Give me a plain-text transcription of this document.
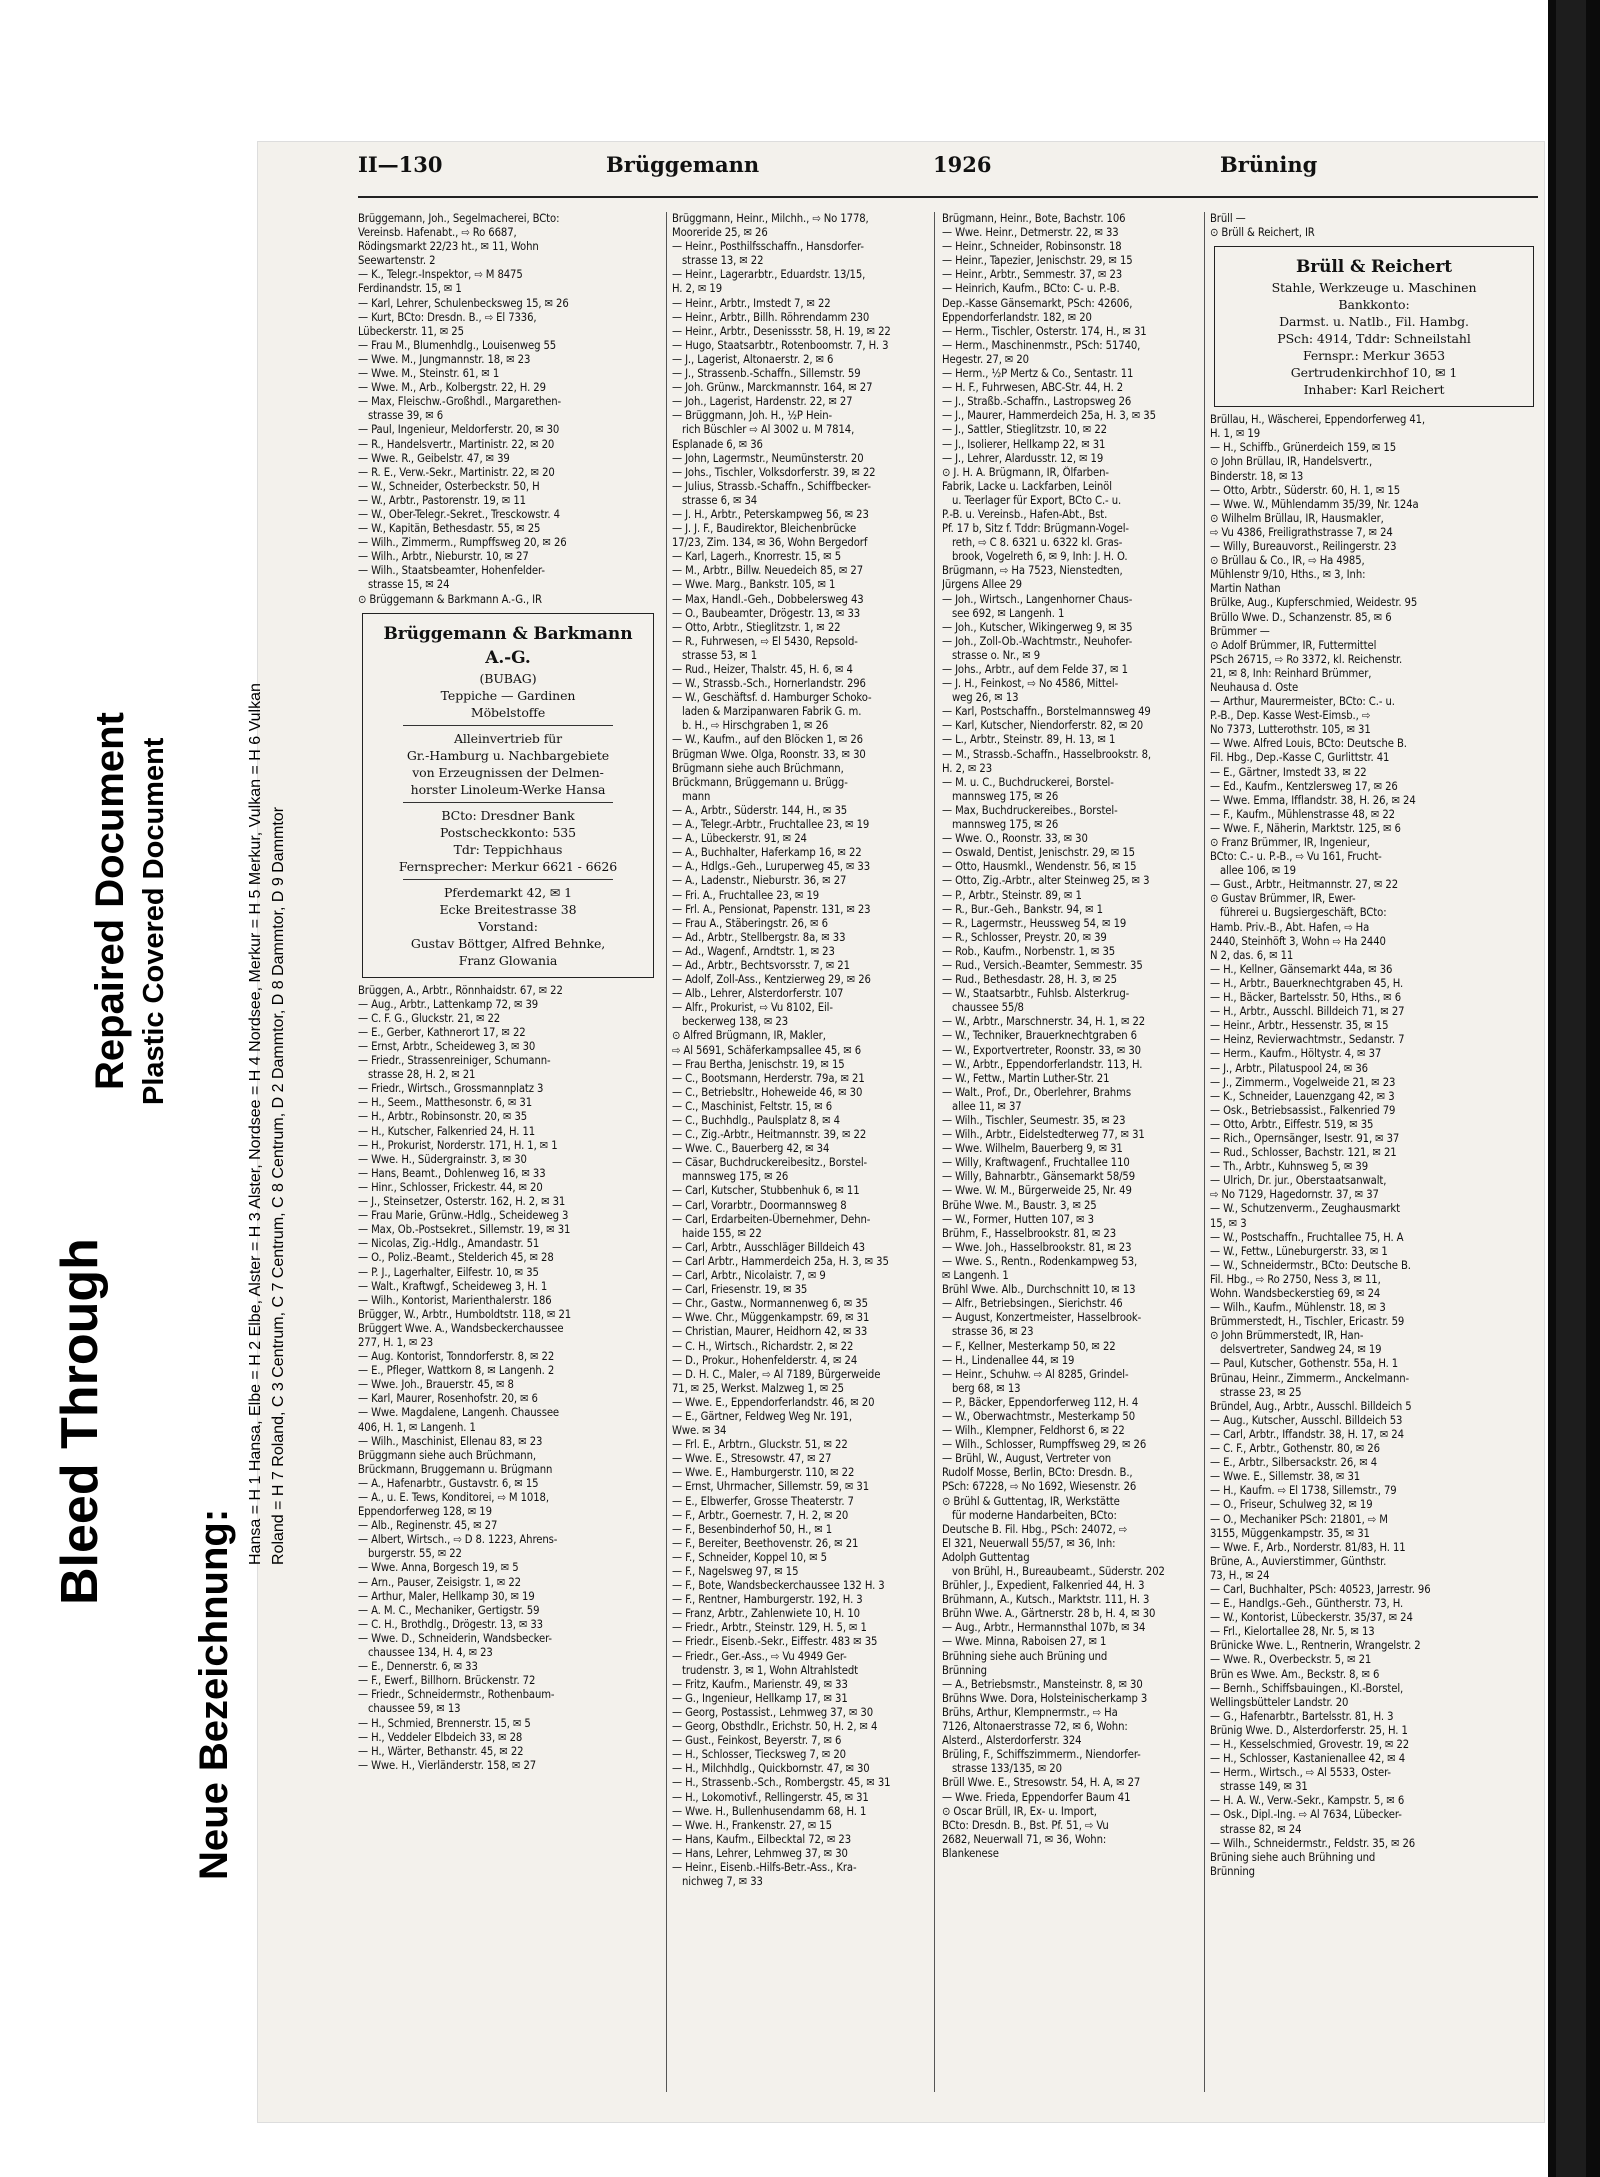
Bleed Through
Repaired Document Plastic Covered Document
Neue Bezeichnung:
Hansa = H 1 Hansa, Elbe = H 2 Elbe, Alster = H 3 Alster, Nordsee = H 4 Nordsee, Merkur = H 5 Merkur, Vulkan = H 6 Vulkan Roland = H 7 Roland, C 3 Centrum, C 7 Centrum, C 8 Centrum, D 2 Dammtor, D 8 Dammtor, D 9 Dammtor
II—130	Brüggemann	1926	Brüning

Brüggemann, Joh., Segelmacherei, BCto:

Vereinsb. Hafenabt., ⇨ Ro 6687,

Rödingsmarkt 22/23 ht., ✉ 11, Wohn

Seewartenstr. 2

— K., Telegr.-Inspektor, ⇨ M 8475

Ferdinandstr. 15, ✉ 1

— Karl, Lehrer, Schulenbecksweg 15, ✉ 26

— Kurt, BCto: Dresdn. B., ⇨ El 7336,

Lübeckerstr. 11, ✉ 25

— Frau M., Blumenhdlg., Louisenweg 55

— Wwe. M., Jungmannstr. 18, ✉ 23

— Wwe. M., Steinstr. 61, ✉ 1

— Wwe. M., Arb., Kolbergstr. 22, H. 29

— Max, Fleischw.-Großhdl., Margarethen-

strasse 39, ✉ 6

— Paul, Ingenieur, Meldorferstr. 20, ✉ 30

— R., Handelsvertr., Martinistr. 22, ✉ 20

— Wwe. R., Geibelstr. 47, ✉ 39

— R. E., Verw.-Sekr., Martinistr. 22, ✉ 20

— W., Schneider, Osterbeckstr. 50, H

— W., Arbtr., Pastorenstr. 19, ✉ 11

— W., Ober-Telegr.-Sekret., Tresckowstr. 4

— W., Kapitän, Bethesdastr. 55, ✉ 25

— Wilh., Zimmerm., Rumpffsweg 20, ✉ 26

— Wilh., Arbtr., Nieburstr. 10, ✉ 27

— Wilh., Staatsbeamter, Hohenfelder-

strasse 15, ✉ 24

⊙ Brüggemann & Barkmann A.-G., IR

Brüggemann & Barkmann
A.-G.
(BUBAG)
Teppiche — Gardinen
Möbelstoffe
Alleinvertrieb für
Gr.-Hamburg u. Nachbargebiete
von Erzeugnissen der Delmen-
horster Linoleum-Werke Hansa
BCto: Dresdner Bank
Postscheckkonto: 535
Tdr: Teppichhaus
Fernsprecher: Merkur 6621 - 6626
Pferdemarkt 42, ✉ 1
Ecke Breitestrasse 38
Vorstand:
Gustav Böttger, Alfred Behnke,
Franz Glowania

Brüggen, A., Arbtr., Rönnhaidstr. 67, ✉ 22

— Aug., Arbtr., Lattenkamp 72, ✉ 39

— C. F. G., Gluckstr. 21, ✉ 22

— E., Gerber, Kathnerort 17, ✉ 22

— Ernst, Arbtr., Scheideweg 3, ✉ 30

— Friedr., Strassenreiniger, Schumann-

strasse 28, H. 2, ✉ 21

— Friedr., Wirtsch., Grossmannplatz 3

— H., Seem., Matthesonstr. 6, ✉ 31

— H., Arbtr., Robinsonstr. 20, ✉ 35

— H., Kutscher, Falkenried 24, H. 11

— H., Prokurist, Norderstr. 171, H. 1, ✉ 1

— Wwe. H., Südergrainstr. 3, ✉ 30

— Hans, Beamt., Dohlenweg 16, ✉ 33

— Hinr., Schlosser, Frickestr. 44, ✉ 20

— J., Steinsetzer, Osterstr. 162, H. 2, ✉ 31

— Frau Marie, Grünw.-Hdlg., Scheideweg 3

— Max, Ob.-Postsekret., Sillemstr. 19, ✉ 31

— Nicolas, Zig.-Hdlg., Amandastr. 51

— O., Poliz.-Beamt., Stelderich 45, ✉ 28

— P. J., Lagerhalter, Eilfestr. 10, ✉ 35

— Walt., Kraftwgf., Scheideweg 3, H. 1

— Wilh., Kontorist, Marienthalerstr. 186

Brügger, W., Arbtr., Humboldtstr. 118, ✉ 21

Brüggert Wwe. A., Wandsbeckerchaussee

277, H. 1, ✉ 23

— Aug. Kontorist, Tonndorferstr. 8, ✉ 22

— E., Pfleger, Wattkorn 8, ✉ Langenh. 2

— Wwe. Joh., Brauerstr. 45, ✉ 8

— Karl, Maurer, Rosenhofstr. 20, ✉ 6

— Wwe. Magdalene, Langenh. Chaussee

406, H. 1, ✉ Langenh. 1

— Wilh., Maschinist, Ellenau 83, ✉ 23

Brüggmann siehe auch Brüchmann,

Brückmann, Bruggemann u. Brügmann

— A., Hafenarbtr., Gustavstr. 6, ✉ 15

— A., u. E. Tews, Konditorei, ⇨ M 1018,

Eppendorferweg 128, ✉ 19

— Alb., Reginenstr. 45, ✉ 27

— Albert, Wirtsch., ⇨ D 8. 1223, Ahrens-

burgerstr. 55, ✉ 22

— Wwe. Anna, Borgesch 19, ✉ 5

— Arn., Pauser, Zeisigstr. 1, ✉ 22

— Arthur, Maler, Hellkamp 30, ✉ 19

— A. M. C., Mechaniker, Gertigstr. 59

— C. H., Brothdlg., Drögestr. 13, ✉ 33

— Wwe. D., Schneiderin, Wandsbecker-

chaussee 134, H. 4, ✉ 23

— E., Dennerstr. 6, ✉ 33

— F., Ewerf., Billhorn. Brückenstr. 72

— Friedr., Schneidermstr., Rothenbaum-

chaussee 59, ✉ 13

— H., Schmied, Brennerstr. 15, ✉ 5

— H., Veddeler Elbdeich 33, ✉ 28

— H., Wärter, Bethanstr. 45, ✉ 22

— Wwe. H., Vierländerstr. 158, ✉ 27

Brüggmann, Heinr., Milchh., ⇨ No 1778,

Mooreride 25, ✉ 26

— Heinr., Posthilfsschaffn., Hansdorfer-

strasse 13, ✉ 22

— Heinr., Lagerarbtr., Eduardstr. 13/15,

H. 2, ✉ 19

— Heinr., Arbtr., Imstedt 7, ✉ 22

— Heinr., Arbtr., Billh. Röhrendamm 230

— Heinr., Arbtr., Desenissstr. 58, H. 19, ✉ 22

— Hugo, Staatsarbtr., Rotenboomstr. 7, H. 3

— J., Lagerist, Altonaerstr. 2, ✉ 6

— J., Strassenb.-Schaffn., Sillemstr. 59

— Joh. Grünw., Marckmannstr. 164, ✉ 27

— Joh., Lagerist, Hardenstr. 22, ✉ 27

— Brüggmann, Joh. H., ½P Hein-

rich Büschler ⇨ Al 3002 u. M 7814,

Esplanade 6, ✉ 36

— John, Lagermstr., Neumünsterstr. 20

— Johs., Tischler, Volksdorferstr. 39, ✉ 22

— Julius, Strassb.-Schaffn., Schiffbecker-

strasse 6, ✉ 34

— J. H., Arbtr., Peterskampweg 56, ✉ 23

— J. J. F., Baudirektor, Bleichenbrücke

17/23, Zim. 134, ✉ 36, Wohn Bergedorf

— Karl, Lagerh., Knorrestr. 15, ✉ 5

— M., Arbtr., Billw. Neuedeich 85, ✉ 27

— Wwe. Marg., Bankstr. 105, ✉ 1

— Max, Handl.-Geh., Dobbelersweg 43

— O., Baubeamter, Drögestr. 13, ✉ 33

— Otto, Arbtr., Stieglitzstr. 1, ✉ 22

— R., Fuhrwesen, ⇨ El 5430, Repsold-

strasse 53, ✉ 1

— Rud., Heizer, Thalstr. 45, H. 6, ✉ 4

— W., Strassb.-Sch., Hornerlandstr. 296

— W., Geschäftsf. d. Hamburger Schoko-

laden & Marzipanwaren Fabrik G. m.

b. H., ⇨ Hirschgraben 1, ✉ 26

— W., Kaufm., auf den Blöcken 1, ✉ 26

Brügman Wwe. Olga, Roonstr. 33, ✉ 30

Brügmann siehe auch Brüchmann,

Brückmann, Brüggemann u. Brügg-

mann

— A., Arbtr., Süderstr. 144, H., ✉ 35

— A., Telegr.-Arbtr., Fruchtallee 23, ✉ 19

— A., Lübeckerstr. 91, ✉ 24

— A., Buchhalter, Haferkamp 16, ✉ 22

— A., Hdlgs.-Geh., Luruperweg 45, ✉ 33

— A., Ladenstr., Nieburstr. 36, ✉ 27

— Fri. A., Fruchtallee 23, ✉ 19

— Frl. A., Pensionat, Papenstr. 131, ✉ 23

— Frau A., Stäberingstr. 26, ✉ 6

— Ad., Arbtr., Stellbergstr. 8a, ✉ 33

— Ad., Wagenf., Arndtstr. 1, ✉ 23

— Ad., Arbtr., Bechtsvorsstr. 7, ✉ 21

— Adolf, Zoll-Ass., Kentzierweg 29, ✉ 26

— Alb., Lehrer, Alsterdorferstr. 107

— Alfr., Prokurist, ⇨ Vu 8102, Eil-

beckerweg 138, ✉ 23

⊙ Alfred Brügmann, IR, Makler,

⇨ Al 5691, Schäferkampsallee 45, ✉ 6

— Frau Bertha, Jenischstr. 19, ✉ 15

— C., Bootsmann, Herderstr. 79a, ✉ 21

— C., Betriebsltr., Hoheweide 46, ✉ 30

— C., Maschinist, Feltstr. 15, ✉ 6

— C., Buchhdlg., Paulsplatz 8, ✉ 4

— C., Zig.-Arbtr., Heitmannstr. 39, ✉ 22

— Wwe. C., Bauerberg 42, ✉ 34

— Cäsar, Buchdruckereibesitz., Borstel-

mannsweg 175, ✉ 26

— Carl, Kutscher, Stubbenhuk 6, ✉ 11

— Carl, Vorarbtr., Doormannsweg 8

— Carl, Erdarbeiten-Übernehmer, Dehn-

haide 155, ✉ 22

— Carl, Arbtr., Ausschläger Billdeich 43

— Carl Arbtr., Hammerdeich 25a, H. 3, ✉ 35

— Carl, Arbtr., Nicolaistr. 7, ✉ 9

— Carl, Friesenstr. 19, ✉ 35

— Chr., Gastw., Normannenweg 6, ✉ 35

— Wwe. Chr., Müggenkampstr. 69, ✉ 31

— Christian, Maurer, Heidhorn 42, ✉ 33

— C. H., Wirtsch., Richardstr. 2, ✉ 22

— D., Prokur., Hohenfelderstr. 4, ✉ 24

— D. H. C., Maler, ⇨ Al 7189, Bürgerweide

71, ✉ 25, Werkst. Malzweg 1, ✉ 25

— Wwe. E., Eppendorferlandstr. 46, ✉ 20

— E., Gärtner, Feldweg Weg Nr. 191,

Wwe. ✉ 34

— Frl. E., Arbtrn., Gluckstr. 51, ✉ 22

— Wwe. E., Stresowstr. 47, ✉ 27

— Wwe. E., Hamburgerstr. 110, ✉ 22

— Ernst, Uhrmacher, Sillemstr. 59, ✉ 31

— E., Elbwerfer, Grosse Theaterstr. 7

— F., Arbtr., Goernestr. 7, H. 2, ✉ 20

— F., Besenbinderhof 50, H., ✉ 1

— F., Bereiter, Beethovenstr. 26, ✉ 21

— F., Schneider, Koppel 10, ✉ 5

— F., Nagelsweg 97, ✉ 15

— F., Bote, Wandsbeckerchaussee 132 H. 3

— F., Rentner, Hamburgerstr. 192, H. 3

— Franz, Arbtr., Zahlenwiete 10, H. 10

— Friedr., Arbtr., Steinstr. 129, H. 5, ✉ 1

— Friedr., Eisenb.-Sekr., Eiffestr. 483 ✉ 35

— Friedr., Ger.-Ass., ⇨ Vu 4949 Ger-

trudenstr. 3, ✉ 1, Wohn Altrahlstedt

— Fritz, Kaufm., Marienstr. 49, ✉ 33

— G., Ingenieur, Hellkamp 17, ✉ 31

— Georg, Postassist., Lehmweg 37, ✉ 30

— Georg, Obsthdlr., Erichstr. 50, H. 2, ✉ 4

— Gust., Feinkost, Beyerstr. 7, ✉ 6

— H., Schlosser, Tiecksweg 7, ✉ 20

— H., Milchhdlg., Quickbornstr. 47, ✉ 30

— H., Strassenb.-Sch., Rombergstr. 45, ✉ 31

— H., Lokomotivf., Rellingerstr. 45, ✉ 31

— Wwe. H., Bullenhusendamm 68, H. 1

— Wwe. H., Frankenstr. 27, ✉ 15

— Hans, Kaufm., Eilbecktal 72, ✉ 23

— Hans, Lehrer, Lehmweg 37, ✉ 30

— Heinr., Eisenb.-Hilfs-Betr.-Ass., Kra-

nichweg 7, ✉ 33

Brügmann, Heinr., Bote, Bachstr. 106

— Wwe. Heinr., Detmerstr. 22, ✉ 33

— Heinr., Schneider, Robinsonstr. 18

— Heinr., Tapezier, Jenischstr. 29, ✉ 15

— Heinr., Arbtr., Semmestr. 37, ✉ 23

— Heinrich, Kaufm., BCto: C- u. P.-B.

Dep.-Kasse Gänsemarkt, PSch: 42606,

Eppendorferlandstr. 182, ✉ 20

— Herm., Tischler, Osterstr. 174, H., ✉ 31

— Herm., Maschinenmstr., PSch: 51740,

Hegestr. 27, ✉ 20

— Herm., ½P Mertz & Co., Sentastr. 11

— H. F., Fuhrwesen, ABC-Str. 44, H. 2

— J., Straßb.-Schaffn., Lastropsweg 26

— J., Maurer, Hammerdeich 25a, H. 3, ✉ 35

— J., Sattler, Stieglitzstr. 10, ✉ 22

— J., Isolierer, Hellkamp 22, ✉ 31

— J., Lehrer, Alardusstr. 12, ✉ 19

⊙ J. H. A. Brügmann, IR, Ölfarben-

Fabrik, Lacke u. Lackfarben, Leinöl

u. Teerlager für Export, BCto C.- u.

P.-B. u. Vereinsb., Hafen-Abt., Bst.

Pf. 17 b, Sitz f. Tddr: Brügmann-Vogel-

reth, ⇨ C 8. 6321 u. 6322 kl. Gras-

brook, Vogelreth 6, ✉ 9, Inh: J. H. O.

Brügmann, ⇨ Ha 7523, Nienstedten,

Jürgens Allee 29

— Joh., Wirtsch., Langenhorner Chaus-

see 692, ✉ Langenh. 1

— Joh., Kutscher, Wikingerweg 9, ✉ 35

— Joh., Zoll-Ob.-Wachtmstr., Neuhofer-

strasse o. Nr., ✉ 9

— Johs., Arbtr., auf dem Felde 37, ✉ 1

— J. H., Feinkost, ⇨ No 4586, Mittel-

weg 26, ✉ 13

— Karl, Postschaffn., Borstelmannsweg 49

— Karl, Kutscher, Niendorferstr. 82, ✉ 20

— L., Arbtr., Steinstr. 89, H. 13, ✉ 1

— M., Strassb.-Schaffn., Hasselbrookstr. 8,

H. 2, ✉ 23

— M. u. C., Buchdruckerei, Borstel-

mannsweg 175, ✉ 26

— Max, Buchdruckereibes., Borstel-

mannsweg 175, ✉ 26

— Wwe. O., Roonstr. 33, ✉ 30

— Oswald, Dentist, Jenischstr. 29, ✉ 15

— Otto, Hausmkl., Wendenstr. 56, ✉ 15

— Otto, Zig.-Arbtr., alter Steinweg 25, ✉ 3

— P., Arbtr., Steinstr. 89, ✉ 1

— R., Bur.-Geh., Bankstr. 94, ✉ 1

— R., Lagermstr., Heussweg 54, ✉ 19

— R., Schlosser, Preystr. 20, ✉ 39

— Rob., Kaufm., Norbenstr. 1, ✉ 35

— Rud., Versich.-Beamter, Semmestr. 35

— Rud., Bethesdastr. 28, H. 3, ✉ 25

— W., Staatsarbtr., Fuhlsb. Alsterkrug-

chaussee 55/8

— W., Arbtr., Marschnerstr. 34, H. 1, ✉ 22

— W., Techniker, Brauerknechtgraben 6

— W., Exportvertreter, Roonstr. 33, ✉ 30

— W., Arbtr., Eppendorferlandstr. 113, H.

— W., Fettw., Martin Luther-Str. 21

— Walt., Prof., Dr., Oberlehrer, Brahms

allee 11, ✉ 37

— Wilh., Tischler, Seumestr. 35, ✉ 23

— Wilh., Arbtr., Eidelstedterweg 77, ✉ 31

— Wwe. Wilhelm, Bauerberg 9, ✉ 31

— Willy, Kraftwagenf., Fruchtallee 110

— Willy, Bahnarbtr., Gänsemarkt 58/59

— Wwe. W. M., Bürgerweide 25, Nr. 49

Brühe Wwe. M., Baustr. 3, ✉ 25

— W., Former, Hutten 107, ✉ 3

Brühm, F., Hasselbrookstr. 81, ✉ 23

— Wwe. Joh., Hasselbrookstr. 81, ✉ 23

— Wwe. S., Rentn., Rodenkampweg 53,

✉ Langenh. 1

Brühl Wwe. Alb., Durchschnitt 10, ✉ 13

— Alfr., Betriebsingen., Sierichstr. 46

— August, Konzertmeister, Hasselbrook-

strasse 36, ✉ 23

— F., Kellner, Mesterkamp 50, ✉ 22

— H., Lindenallee 44, ✉ 19

— Heinr., Schuhw. ⇨ Al 8285, Grindel-

berg 68, ✉ 13

— P., Bäcker, Eppendorferweg 112, H. 4

— W., Oberwachtmstr., Mesterkamp 50

— Wilh., Klempner, Feldhorst 6, ✉ 22

— Wilh., Schlosser, Rumpffsweg 29, ✉ 26

— Brühl, W., August, Vertreter von

Rudolf Mosse, Berlin, BCto: Dresdn. B.,

PSch: 67228, ⇨ No 1692, Wiesenstr. 26

⊙ Brühl & Guttentag, IR, Werkstätte

für moderne Handarbeiten, BCto:

Deutsche B. Fil. Hbg., PSch: 24072, ⇨

El 321, Neuerwall 55/57, ✉ 36, Inh:

Adolph Guttentag

von Brühl, H., Bureaubeamt., Süderstr. 202

Brühler, J., Expedient, Falkenried 44, H. 3

Brühmann, A., Kutsch., Marktstr. 111, H. 3

Brühn Wwe. A., Gärtnerstr. 28 b, H. 4, ✉ 30

— Aug., Arbtr., Hermannsthal 107b, ✉ 34

— Wwe. Minna, Raboisen 27, ✉ 1

Brühning siehe auch Brüning und

Brünning

— A., Betriebsmstr., Mansteinstr. 8, ✉ 30

Brühns Wwe. Dora, Holsteinischerkamp 3

Brühs, Arthur, Klempnermstr., ⇨ Ha

7126, Altonaerstrasse 72, ✉ 6, Wohn:

Alsterd., Alsterdorferstr. 324

Brüling, F., Schiffszimmerm., Niendorfer-

strasse 133/135, ✉ 20

Brüll Wwe. E., Stresowstr. 54, H. A, ✉ 27

— Wwe. Frieda, Eppendorfer Baum 41

⊙ Oscar Brüll, IR, Ex- u. Import,

BCto: Dresdn. B., Bst. Pf. 51, ⇨ Vu

2682, Neuerwall 71, ✉ 36, Wohn:

Blankenese

Brüll —

⊙ Brüll & Reichert, IR

Brüll & Reichert
Stahle, Werkzeuge u. Maschinen
Bankkonto:
Darmst. u. Natlb., Fil. Hambg.
PSch: 4914, Tddr: Schneilstahl
Fernspr.: Merkur 3653
Gertrudenkirchhof 10, ✉ 1
Inhaber: Karl Reichert

Brüllau, H., Wäscherei, Eppendorferweg 41,

H. 1, ✉ 19

— H., Schiffb., Grünerdeich 159, ✉ 15

⊙ John Brüllau, IR, Handelsvertr.,

Binderstr. 18, ✉ 13

— Otto, Arbtr., Süderstr. 60, H. 1, ✉ 15

— Wwe. W., Mühlendamm 35/39, Nr. 124a

⊙ Wilhelm Brüllau, IR, Hausmakler,

⇨ Vu 4386, Freiligrathstrasse 7, ✉ 24

— Willy, Bureauvorst., Reilingerstr. 23

⊙ Brüllau & Co., IR, ⇨ Ha 4985,

Mühlenstr 9/10, Hths., ✉ 3, Inh:

Martin Nathan

Brülke, Aug., Kupferschmied, Weidestr. 95

Brüllo Wwe. D., Schanzenstr. 85, ✉ 6

Brümmer —

⊙ Adolf Brümmer, IR, Futtermittel

PSch 26715, ⇨ Ro 3372, kl. Reichenstr.

21, ✉ 8, Inh: Reinhard Brümmer,

Neuhausa d. Oste

— Arthur, Maurermeister, BCto: C.- u.

P.-B., Dep. Kasse West-Eimsb., ⇨

No 7373, Lutterothstr. 105, ✉ 31

— Wwe. Alfred Louis, BCto: Deutsche B.

Fil. Hbg., Dep.-Kasse C, Gurlittstr. 41

— E., Gärtner, Imstedt 33, ✉ 22

— Ed., Kaufm., Kentzlersweg 17, ✉ 26

— Wwe. Emma, Ifflandstr. 38, H. 26, ✉ 24

— F., Kaufm., Mühlenstrasse 48, ✉ 22

— Wwe. F., Näherin, Marktstr. 125, ✉ 6

⊙ Franz Brümmer, IR, Ingenieur,

BCto: C.- u. P.-B., ⇨ Vu 161, Frucht-

allee 106, ✉ 19

— Gust., Arbtr., Heitmannstr. 27, ✉ 22

⊙ Gustav Brümmer, IR, Ewer-

führerei u. Bugsiergeschäft, BCto:

Hamb. Priv.-B., Abt. Hafen, ⇨ Ha

2440, Steinhöft 3, Wohn ⇨ Ha 2440

N 2, das. 6, ✉ 11

— H., Kellner, Gänsemarkt 44a, ✉ 36

— H., Arbtr., Bauerknechtgraben 45, H.

— H., Bäcker, Bartelsstr. 50, Hths., ✉ 6

— H., Arbtr., Ausschl. Billdeich 71, ✉ 27

— Heinr., Arbtr., Hessenstr. 35, ✉ 15

— Heinz, Revierwachtmstr., Sedanstr. 7

— Herm., Kaufm., Höltystr. 4, ✉ 37

— J., Arbtr., Pilatuspool 24, ✉ 36

— J., Zimmerm., Vogelweide 21, ✉ 23

— K., Schneider, Lauenzgang 42, ✉ 3

— Osk., Betriebsassist., Falkenried 79

— Otto, Arbtr., Eiffestr. 519, ✉ 35

— Rich., Opernsänger, Isestr. 91, ✉ 37

— Rud., Schlosser, Bachstr. 121, ✉ 21

— Th., Arbtr., Kuhnsweg 5, ✉ 39

— Ulrich, Dr. jur., Oberstaatsanwalt,

⇨ No 7129, Hagedornstr. 37, ✉ 37

— W., Schutzenverm., Zeughausmarkt

15, ✉ 3

— W., Postschaffn., Fruchtallee 75, H. A

— W., Fettw., Lüneburgerstr. 33, ✉ 1

— W., Schneidermstr., BCto: Deutsche B.

Fil. Hbg., ⇨ Ro 2750, Ness 3, ✉ 11,

Wohn. Wandsbeckerstieg 69, ✉ 24

— Wilh., Kaufm., Mühlenstr. 18, ✉ 3

Brümmerstedt, H., Tischler, Ericastr. 59

⊙ John Brümmerstedt, IR, Han-

delsvertreter, Sandweg 24, ✉ 19

— Paul, Kutscher, Gothenstr. 55a, H. 1

Brünau, Heinr., Zimmerm., Anckelmann-

strasse 23, ✉ 25

Bründel, Aug., Arbtr., Ausschl. Billdeich 5

— Aug., Kutscher, Ausschl. Billdeich 53

— Carl, Arbtr., Iffandstr. 38, H. 17, ✉ 24

— C. F., Arbtr., Gothenstr. 80, ✉ 26

— E., Arbtr., Silbersackstr. 26, ✉ 4

— Wwe. E., Sillemstr. 38, ✉ 31

— H., Kaufm. ⇨ El 1738, Sillemstr., 79

— O., Friseur, Schulweg 32, ✉ 19

— O., Mechaniker PSch: 21801, ⇨ M

3155, Müggenkampstr. 35, ✉ 31

— Wwe. F., Arb., Norderstr. 81/83, H. 11

Brüne, A., Auvierstimmer, Günthstr.

73, H., ✉ 24

— Carl, Buchhalter, PSch: 40523, Jarrestr. 96

— E., Handlgs.-Geh., Güntherstr. 73, H.

— W., Kontorist, Lübeckerstr. 35/37, ✉ 24

— Frl., Kielortallee 28, Nr. 5, ✉ 13

Brünicke Wwe. L., Rentnerin, Wrangelstr. 2

— Wwe. R., Overbeckstr. 5, ✉ 21

Brün es Wwe. Am., Beckstr. 8, ✉ 6

— Bernh., Schiffsbauingen., Kl.-Borstel,

Wellingsbütteler Landstr. 20

— G., Hafenarbtr., Bartelsstr. 81, H. 3

Brünig Wwe. D., Alsterdorferstr. 25, H. 1

— H., Kesselschmied, Grovestr. 19, ✉ 22

— H., Schlosser, Kastanienallee 42, ✉ 4

— Herm., Wirtsch., ⇨ Al 5533, Oster-

strasse 149, ✉ 31

— H. A. W., Verw.-Sekr., Kampstr. 5, ✉ 6

— Osk., Dipl.-Ing. ⇨ Al 7634, Lübecker-

strasse 82, ✉ 24

— Wilh., Schneidermstr., Feldstr. 35, ✉ 26

Brüning siehe auch Brühning und

Brünning
